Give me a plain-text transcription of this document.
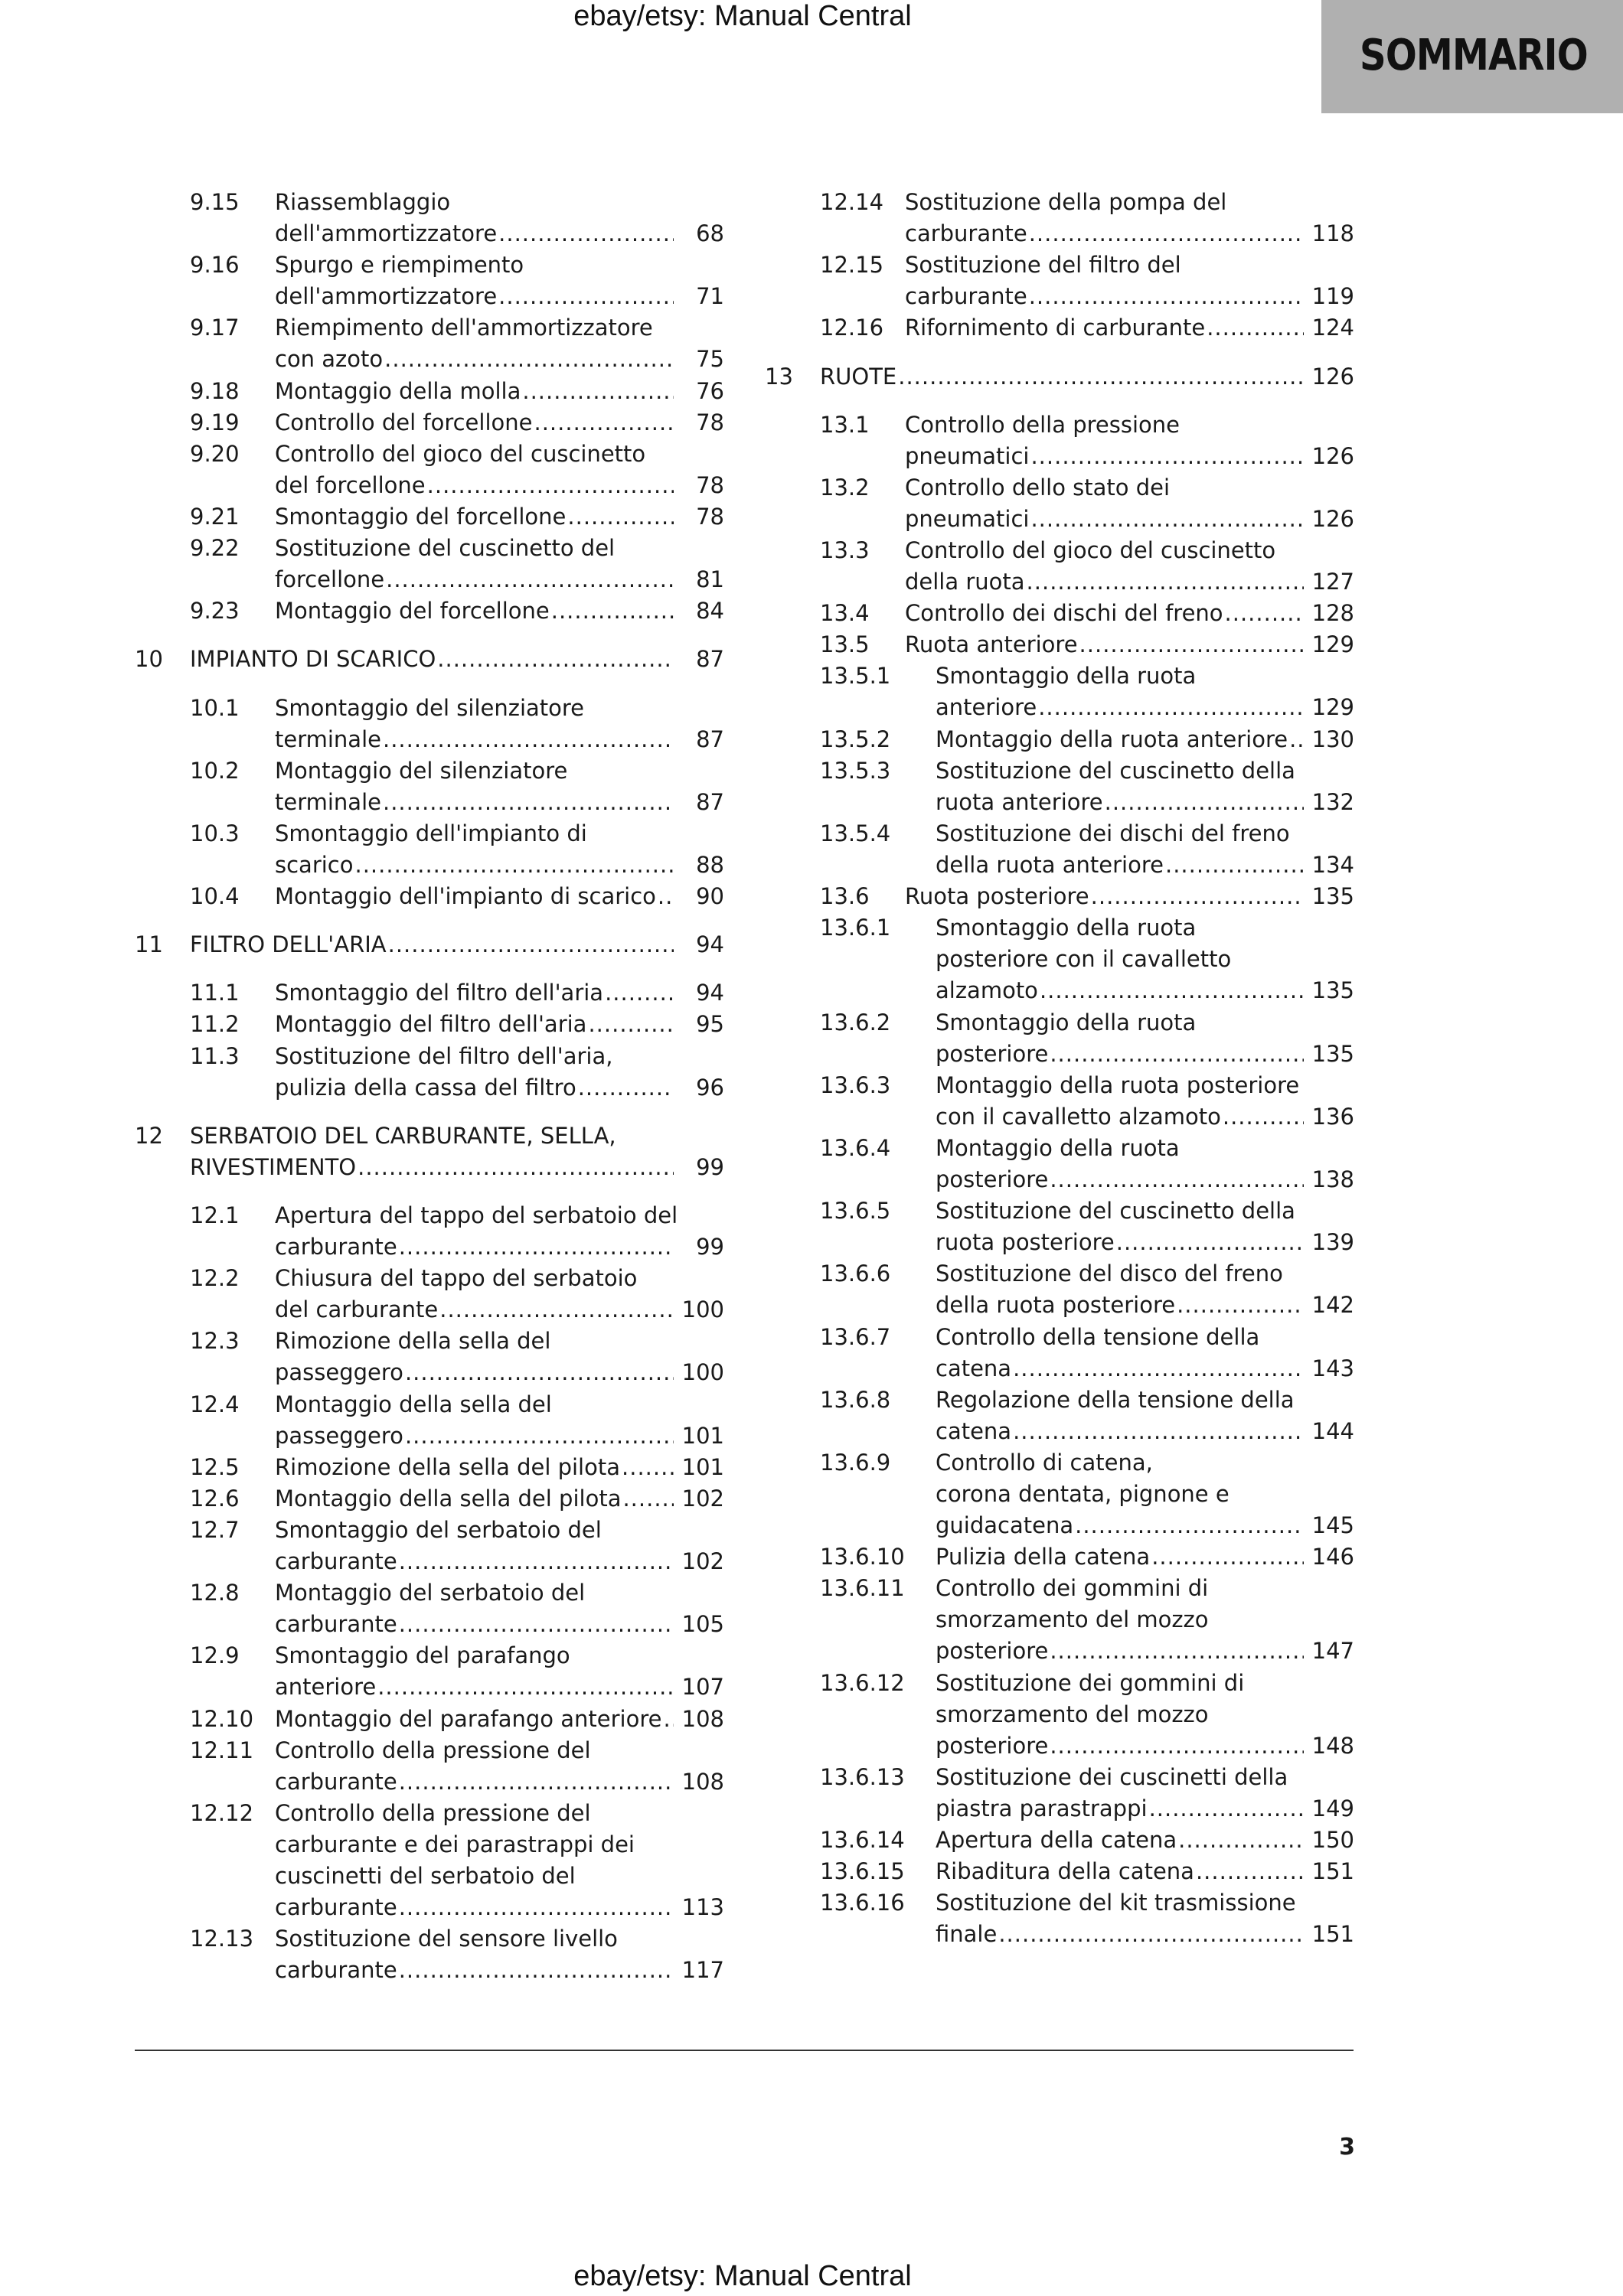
ebay/etsy: Manual Central
SOMMARIO
9.15 Riassemblaggio
dell'ammortizzatore .....	68
9.16 Spurgo e riempimento
dell'ammortizzatore .....	71
9.17 Riempimento dell'ammortizzatore
con azoto .....	75
9.18 Montaggio della molla .....	76
9.19 Controllo del forcellone .....	78
9.20 Controllo del gioco del cuscinetto
del forcellone .....	78
9.21 Smontaggio del forcellone .....	78
9.22 Sostituzione del cuscinetto del
forcellone .....	81
9.23 Montaggio del forcellone .....	84
10 IMPIANTO DI SCARICO .....	87
10.1 Smontaggio del silenziatore
terminale .....	87
10.2 Montaggio del silenziatore
terminale .....	87
10.3 Smontaggio dell'impianto di
scarico .....	88
10.4 Montaggio dell'impianto di scarico .....	90
11 FILTRO DELL'ARIA .....	94
11.1 Smontaggio del filtro dell'aria .....	94
11.2 Montaggio del filtro dell'aria .....	95
11.3 Sostituzione del filtro dell'aria,
pulizia della cassa del filtro .....	96
12 SERBATOIO DEL CARBURANTE, SELLA,
RIVESTIMENTO .....	99
12.1 Apertura del tappo del serbatoio del
carburante .....	99
12.2 Chiusura del tappo del serbatoio
del carburante .....	100
12.3 Rimozione della sella del
passeggero .....	100
12.4 Montaggio della sella del
passeggero .....	101
12.5 Rimozione della sella del pilota .....	101
12.6 Montaggio della sella del pilota .....	102
12.7 Smontaggio del serbatoio del
carburante .....	102
12.8 Montaggio del serbatoio del
carburante .....	105
12.9 Smontaggio del parafango
anteriore .....	107
12.10 Montaggio del parafango anteriore ..... 108
12.11 Controllo della pressione del
carburante .....	108
12.12 Controllo della pressione del
carburante e dei parastrappi dei
cuscinetti del serbatoio del
carburante .....	113
12.13 Sostituzione del sensore livello
carburante .....	117
12.14 Sostituzione della pompa del
carburante .....	118
12.15 Sostituzione del filtro del
carburante .....	119
12.16 Rifornimento di carburante .....	124
13 RUOTE .....	126
13.1 Controllo della pressione
pneumatici .....	126
13.2 Controllo dello stato dei
pneumatici .....	126
13.3 Controllo del gioco del cuscinetto
della ruota .....	127
13.4 Controllo dei dischi del freno .....	128
13.5 Ruota anteriore .....	129
13.5.1 Smontaggio della ruota
anteriore .....	129
13.5.2 Montaggio della ruota anteriore .....	130
13.5.3 Sostituzione del cuscinetto della
ruota anteriore .....	132
13.5.4 Sostituzione dei dischi del freno
della ruota anteriore .....	134
13.6 Ruota posteriore .....	135
13.6.1 Smontaggio della ruota
posteriore con il cavalletto
alzamoto .....	135
13.6.2 Smontaggio della ruota
posteriore .....	135
13.6.3 Montaggio della ruota posteriore
con il cavalletto alzamoto .....	136
13.6.4 Montaggio della ruota
posteriore .....	138
13.6.5 Sostituzione del cuscinetto della
ruota posteriore .....	139
13.6.6 Sostituzione del disco del freno
della ruota posteriore .....	142
13.6.7 Controllo della tensione della
catena .....	143
13.6.8 Regolazione della tensione della
catena .....	144
13.6.9 Controllo di catena,
corona dentata, pignone e
guidacatena .....	145
13.6.10 Pulizia della catena .....	146
13.6.11 Controllo dei gommini di
smorzamento del mozzo
posteriore .....	147
13.6.12 Sostituzione dei gommini di
smorzamento del mozzo
posteriore .....	148
13.6.13 Sostituzione dei cuscinetti della
piastra parastrappi .....	149
13.6.14 Apertura della catena .....	150
13.6.15 Ribaditura della catena .....	151
13.6.16 Sostituzione del kit trasmissione
finale .....	151
3
ebay/etsy: Manual Central
